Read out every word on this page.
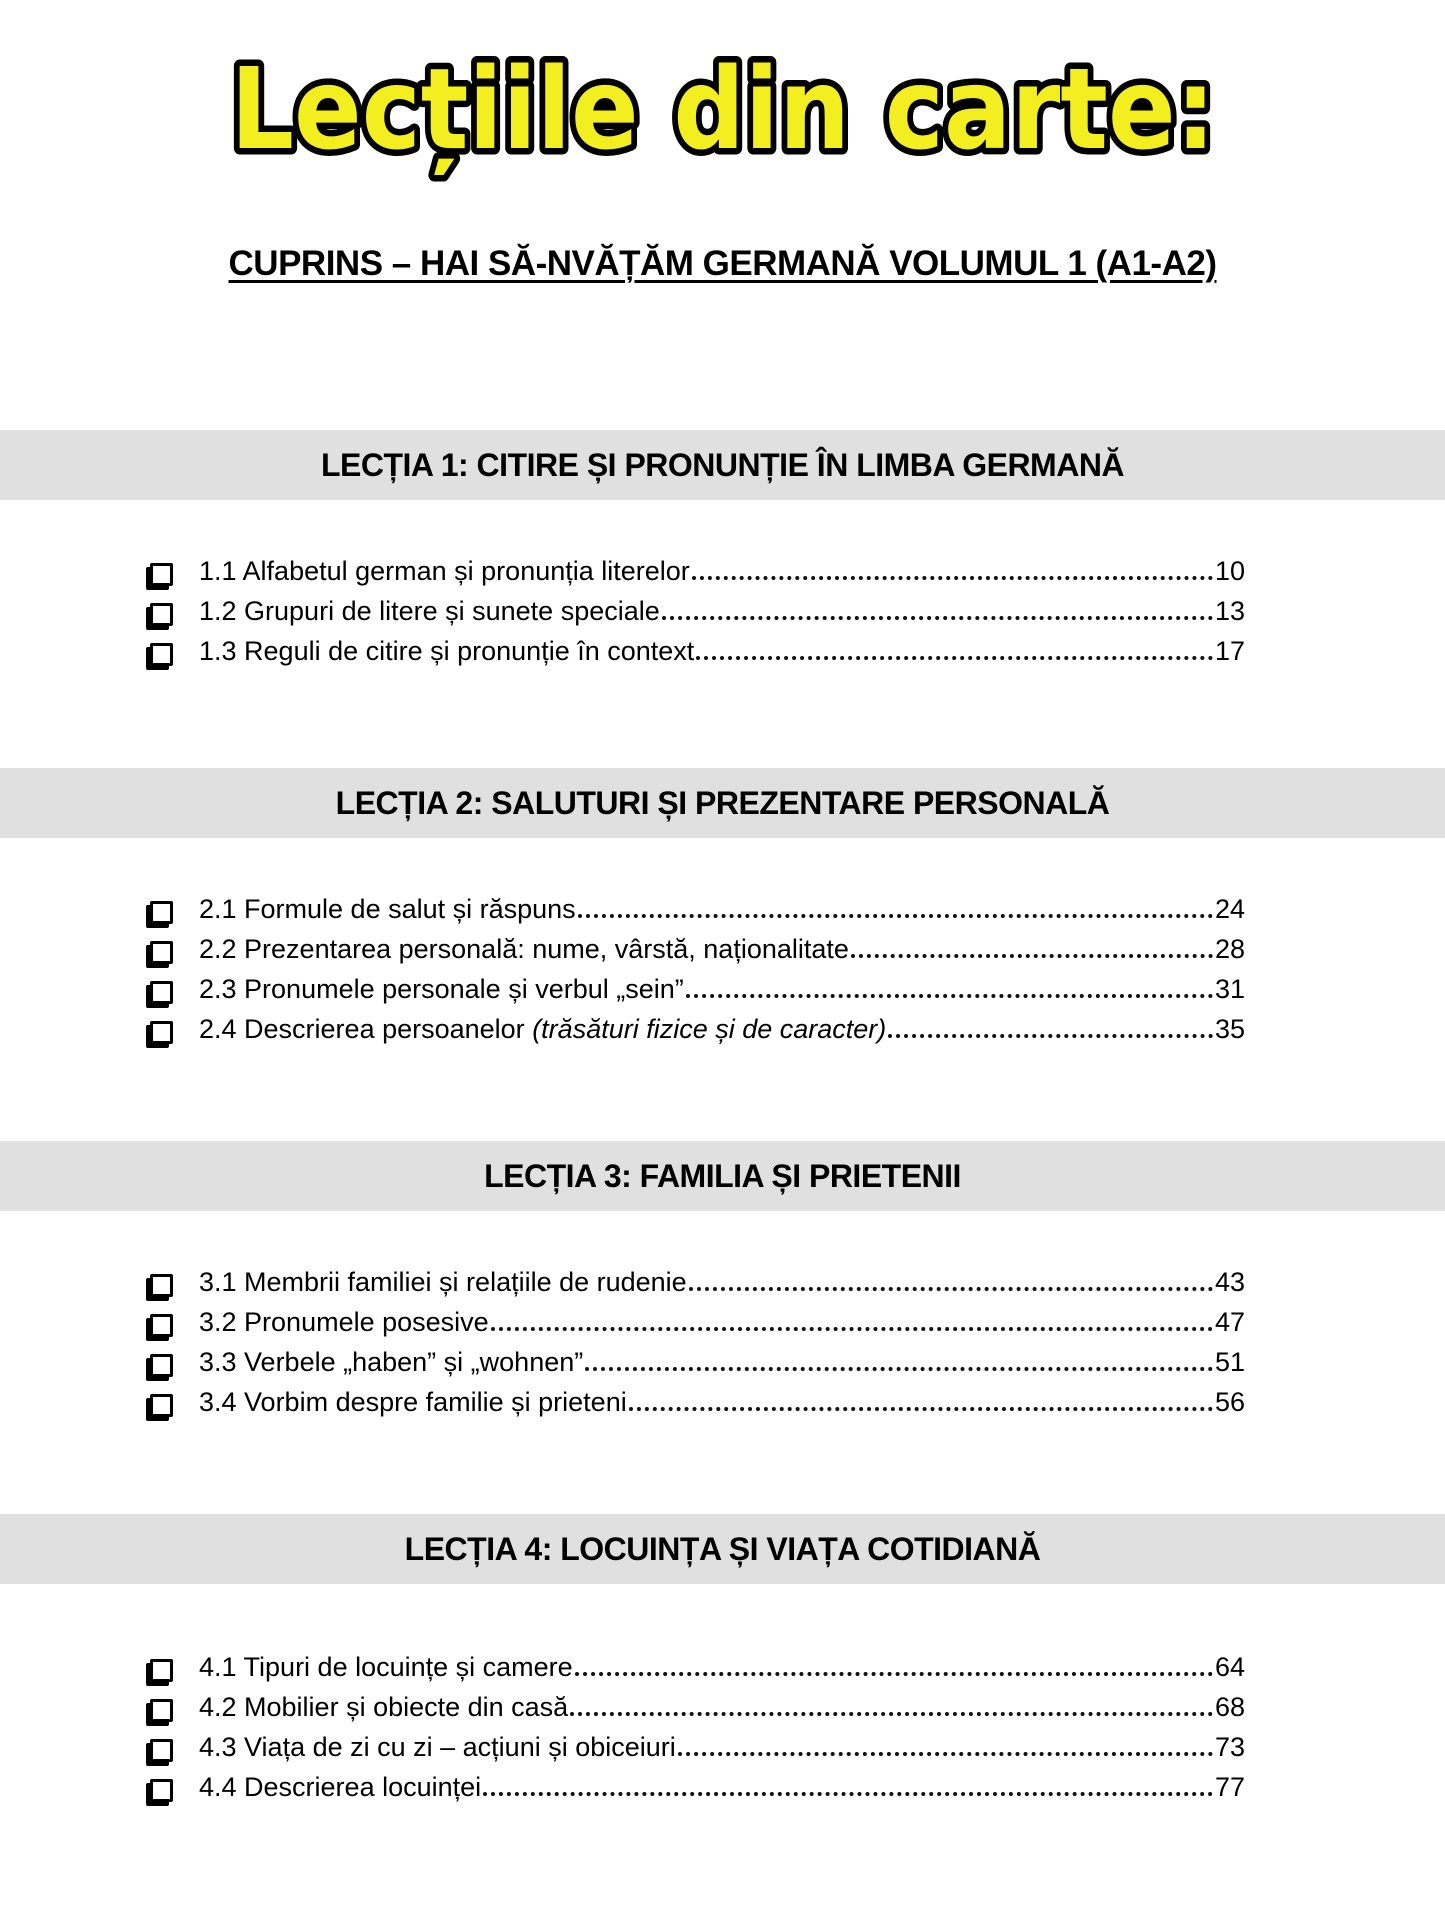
Lecțiile din carte:
CUPRINS – HAI SĂ-NVĂȚĂM GERMANĂ VOLUMUL 1 (A1-A2)
LECȚIA 1: CITIRE ȘI PRONUNȚIE ÎN LIMBA GERMANĂ
1.1 Alfabetul german și pronunția literelor	10
1.2 Grupuri de litere și sunete speciale	13
1.3 Reguli de citire și pronunție în context	17
LECȚIA 2: SALUTURI ȘI PREZENTARE PERSONALĂ
2.1 Formule de salut și răspuns	24
2.2 Prezentarea personală: nume, vârstă, naționalitate	28
2.3 Pronumele personale și verbul „sein”	31
2.4 Descrierea persoanelor (trăsături fizice și de caracter)	35
LECȚIA 3: FAMILIA ȘI PRIETENII
3.1 Membrii familiei și relațiile de rudenie	43
3.2 Pronumele posesive	47
3.3 Verbele „haben” și „wohnen”	51
3.4 Vorbim despre familie și prieteni	56
LECȚIA 4: LOCUINȚA ȘI VIAȚA COTIDIANĂ
4.1 Tipuri de locuințe și camere	64
4.2 Mobilier și obiecte din casă	68
4.3 Viața de zi cu zi – acțiuni și obiceiuri	73
4.4 Descrierea locuinței	77
